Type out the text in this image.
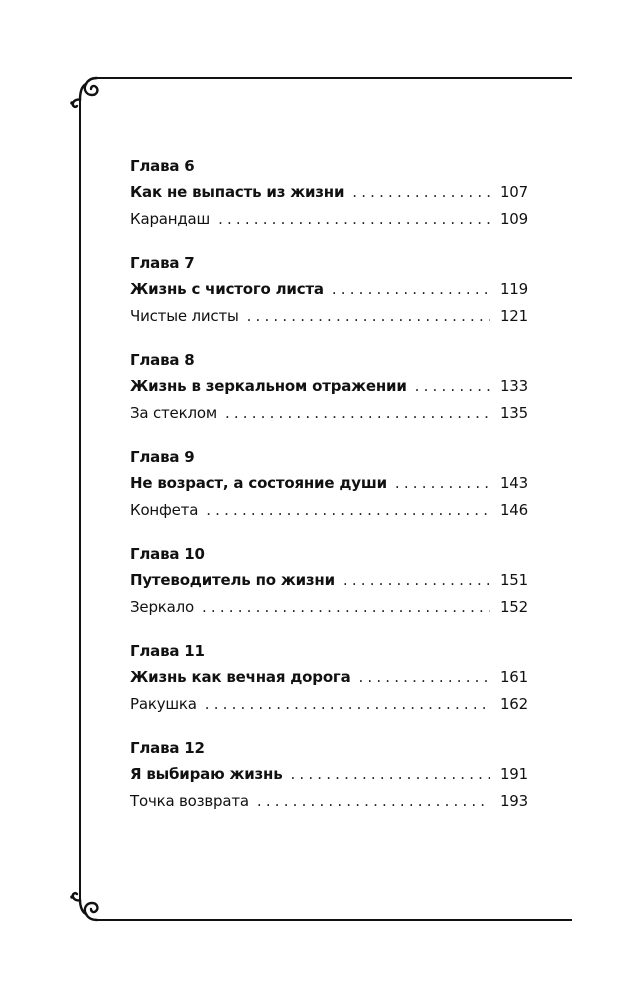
Глава 6
Как не выпасть из жизни . . .	107
Карандаш . . .	109
Глава 7
Жизнь с чистого листа . . .	119
Чистые листы . . .	121
Глава 8
Жизнь в зеркальном отражении . . .	133
За стеклом . . .	135
Глава 9
Не возраст, а состояние души . . .	143
Конфета . . .	146
Глава 10
Путеводитель по жизни . . .	151
Зеркало . . .	152
Глава 11
Жизнь как вечная дорога . . .	161
Ракушка . . .	162
Глава 12
Я выбираю жизнь . . .	191
Точка возврата . . .	193
